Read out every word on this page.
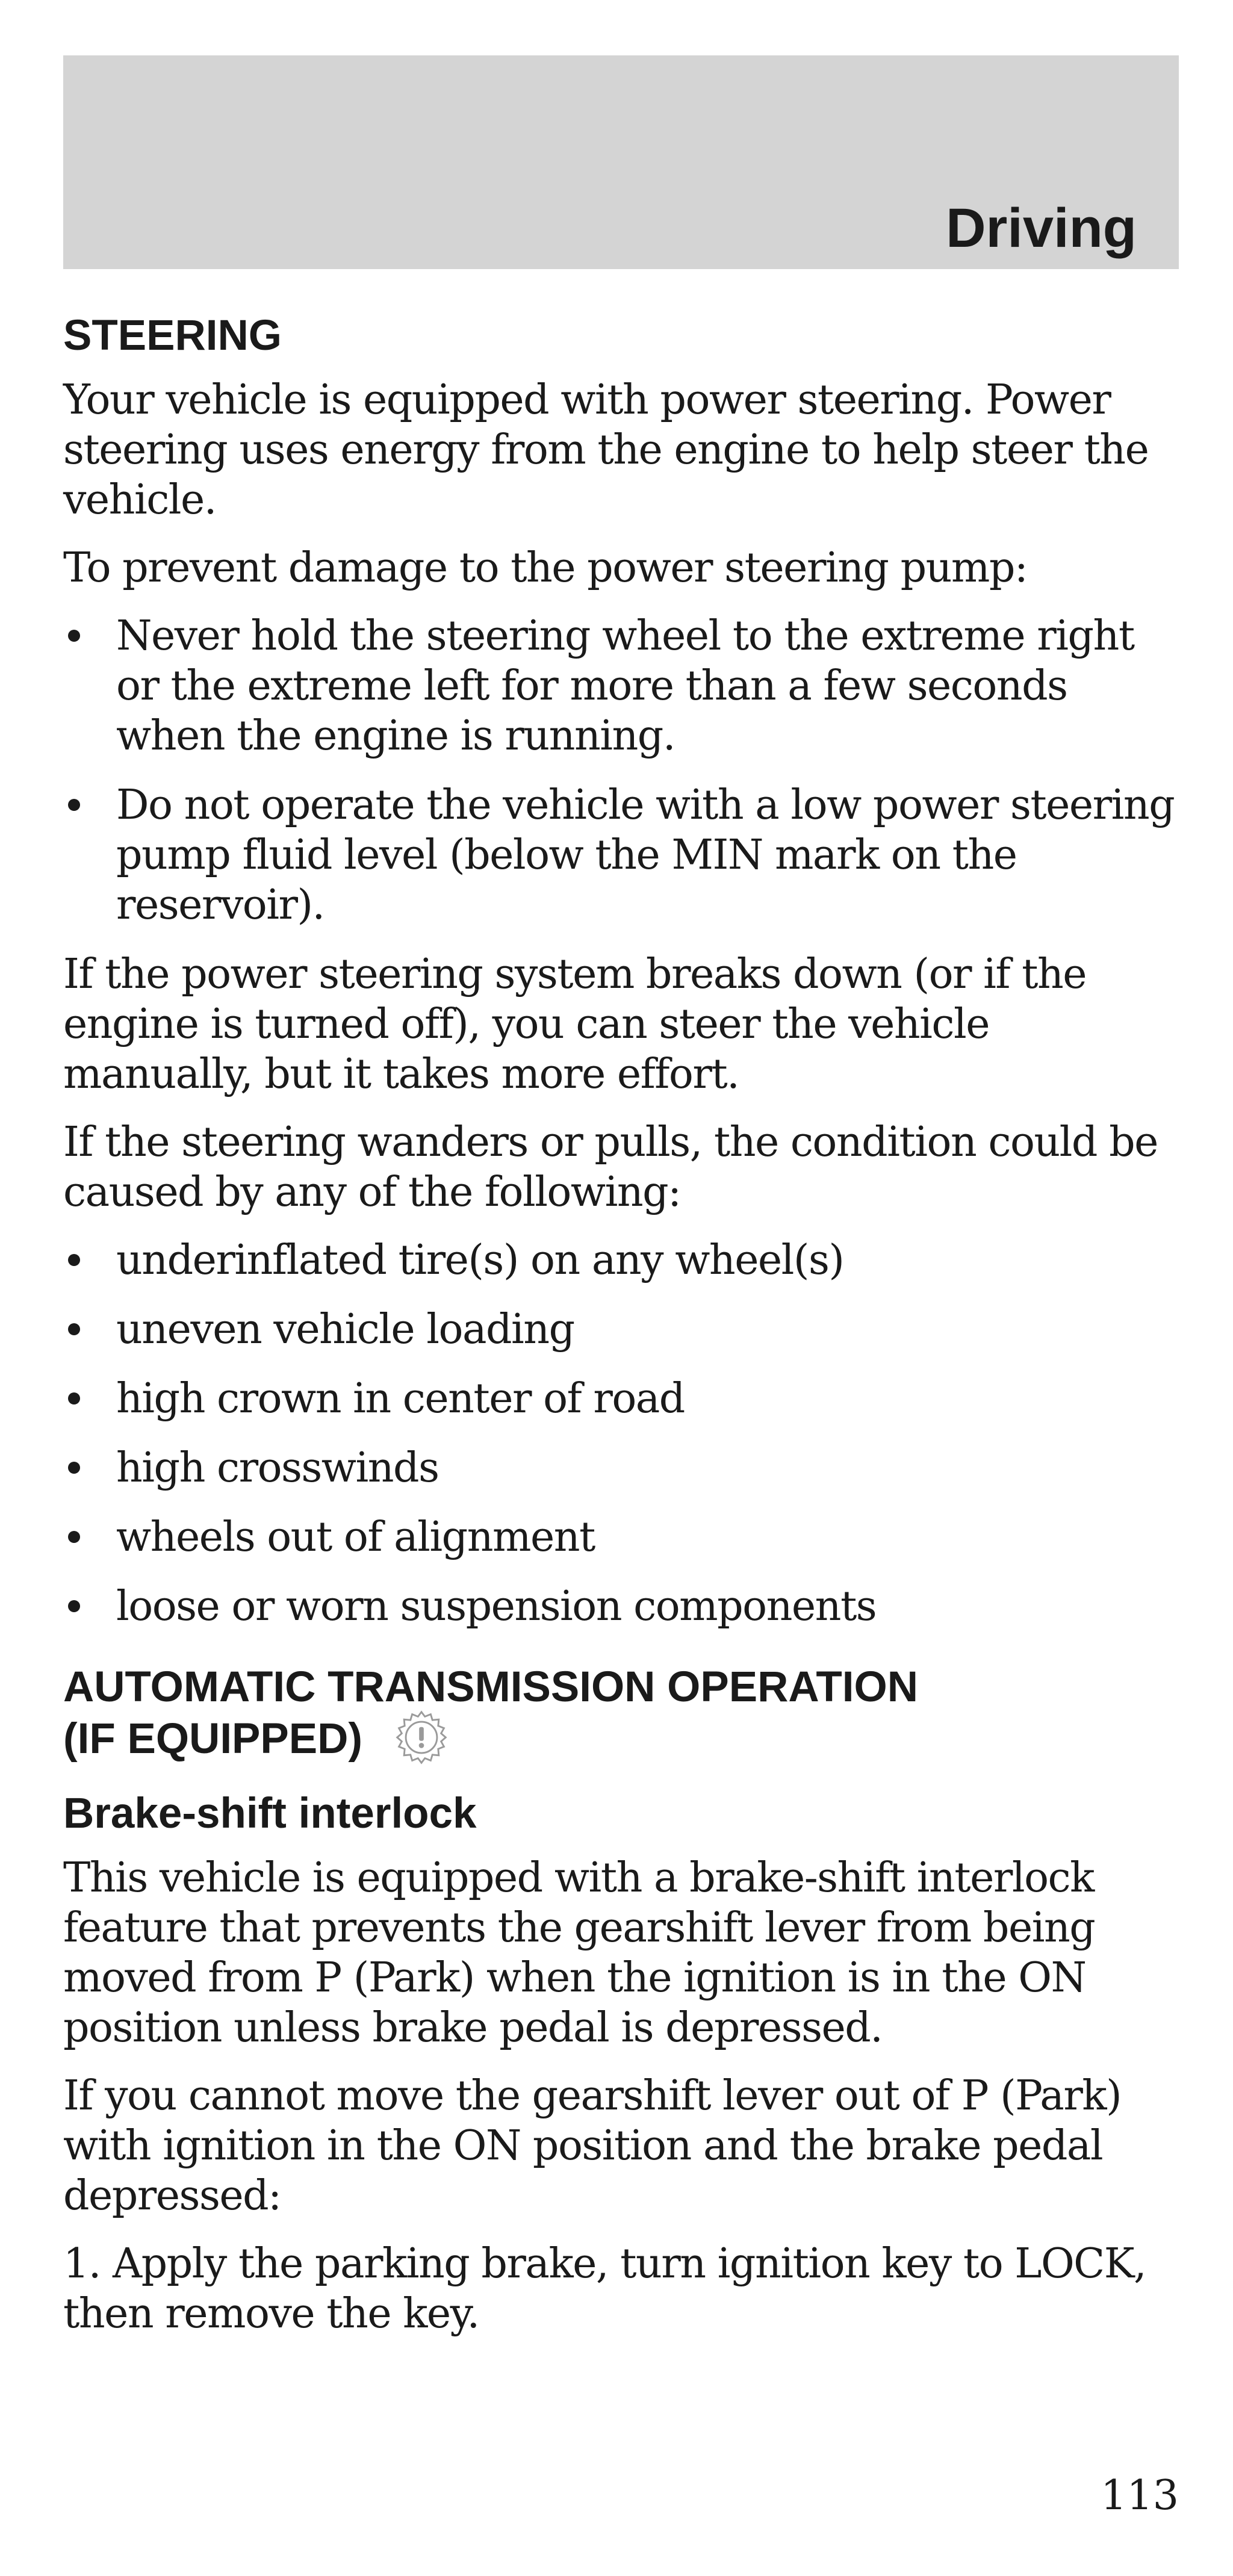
Driving
STEERING

Your vehicle is equipped with power steering. Power steering uses energy from the engine to help steer the vehicle.

To prevent damage to the power steering pump:

Never hold the steering wheel to the extreme right or the extreme left for more than a few seconds when the engine is running.
Do not operate the vehicle with a low power steering pump fluid level (below the MIN mark on the reservoir).

If the power steering system breaks down (or if the engine is turned off), you can steer the vehicle manually, but it takes more effort.

If the steering wanders or pulls, the condition could be caused by any of the following:

underinflated tire(s) on any wheel(s)
uneven vehicle loading
high crown in center of road
high crosswinds
wheels out of alignment
loose or worn suspension components
AUTOMATIC TRANSMISSION OPERATION
(IF EQUIPPED)
Brake-shift interlock

This vehicle is equipped with a brake-shift interlock feature that prevents the gearshift lever from being moved from P (Park) when the ignition is in the ON position unless brake pedal is depressed.

If you cannot move the gearshift lever out of P (Park) with ignition in the ON position and the brake pedal depressed:

1. Apply the parking brake, turn ignition key to LOCK, then remove the key.

113
